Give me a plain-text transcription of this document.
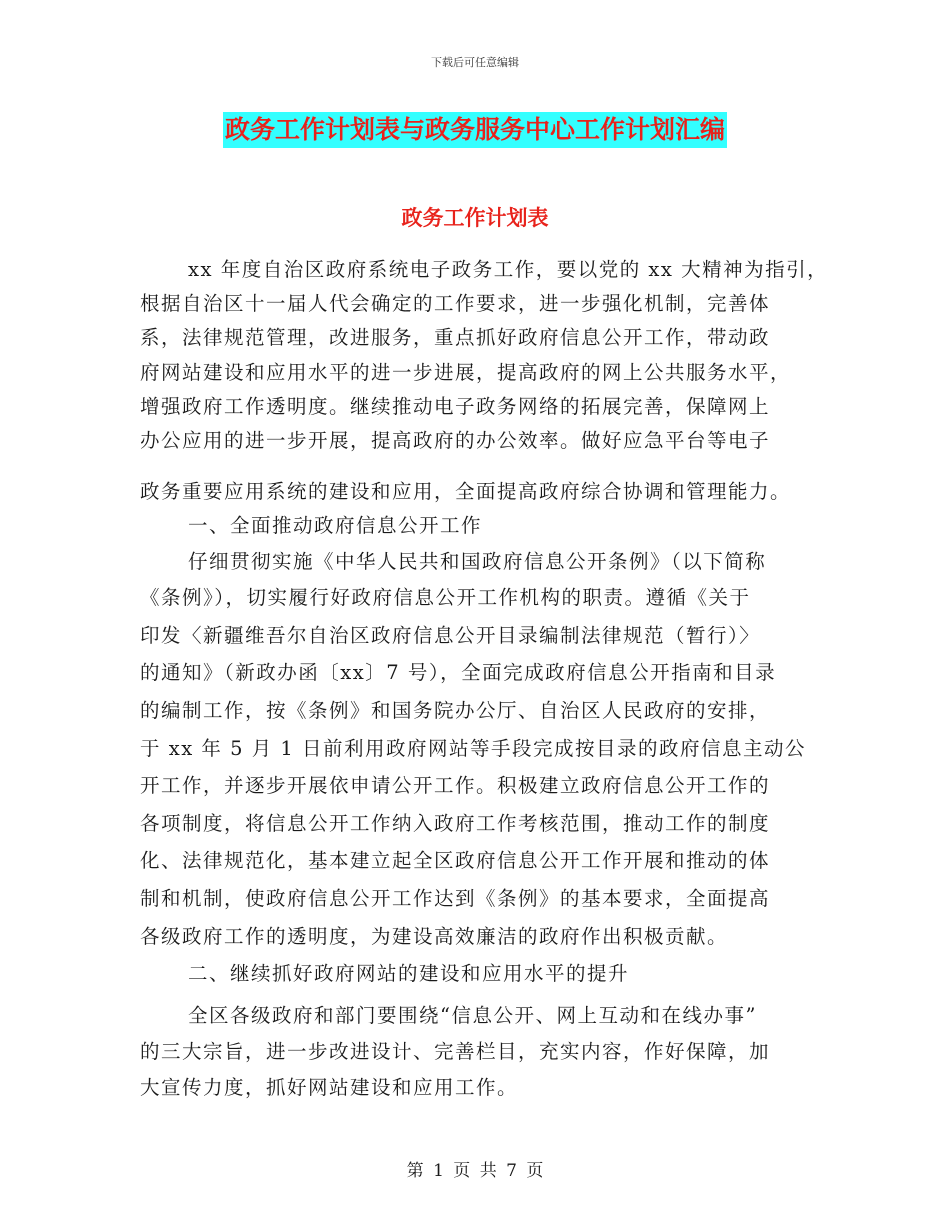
下载后可任意编辑
政务工作计划表与政务服务中心工作计划汇编
政务工作计划表
xx 年度自治区政府系统电子政务工作，要以党的 xx 大精神为指引，
根据自治区十一届人代会确定的工作要求，进一步强化机制，完善体
系，法律规范管理，改进服务，重点抓好政府信息公开工作，带动政
府网站建设和应用水平的进一步进展，提高政府的网上公共服务水平，
增强政府工作透明度。继续推动电子政务网络的拓展完善，保障网上
办公应用的进一步开展，提高政府的办公效率。做好应急平台等电子
政务重要应用系统的建设和应用，全面提高政府综合协调和管理能力。
一、全面推动政府信息公开工作
仔细贯彻实施《中华人民共和国政府信息公开条例》（以下简称
《条例》），切实履行好政府信息公开工作机构的职责。遵循《关于
印发〈新疆维吾尔自治区政府信息公开目录编制法律规范（暂行）〉
的通知》（新政办函〔xx〕7 号），全面完成政府信息公开指南和目录
的编制工作，按《条例》和国务院办公厅、自治区人民政府的安排，
于 xx 年 5 月 1 日前利用政府网站等手段完成按目录的政府信息主动公
开工作，并逐步开展依申请公开工作。积极建立政府信息公开工作的
各项制度，将信息公开工作纳入政府工作考核范围，推动工作的制度
化、法律规范化，基本建立起全区政府信息公开工作开展和推动的体
制和机制，使政府信息公开工作达到《条例》的基本要求，全面提高
各级政府工作的透明度，为建设高效廉洁的政府作出积极贡献。
二、继续抓好政府网站的建设和应用水平的提升
全区各级政府和部门要围绕“信息公开、网上互动和在线办事”
的三大宗旨，进一步改进设计、完善栏目，充实内容，作好保障，加
大宣传力度，抓好网站建设和应用工作。
第 1 页 共 7 页
